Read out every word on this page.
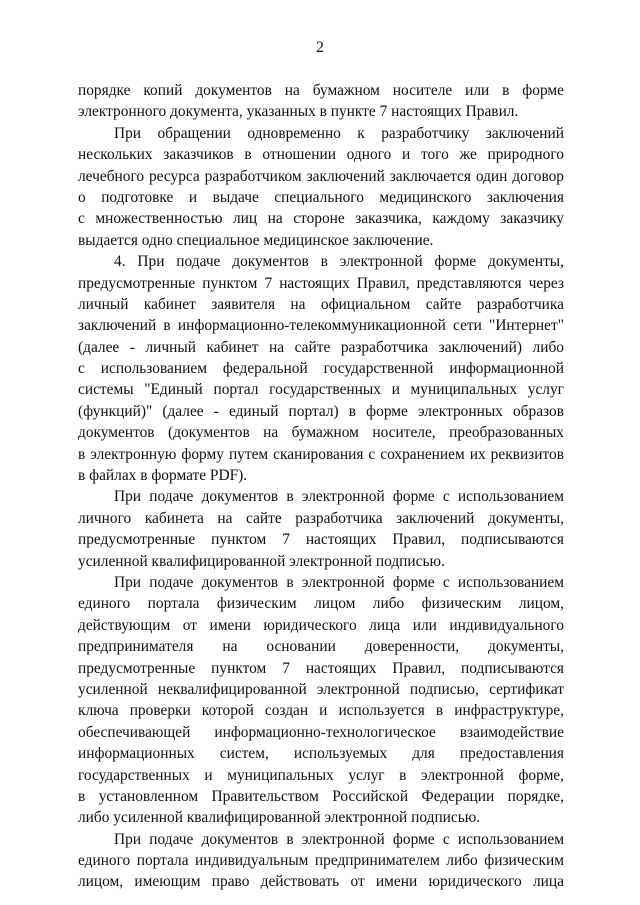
2
порядке копий документов на бумажном носителе или в форме
электронного документа, указанных в пункте 7 настоящих Правил.
При обращении одновременно к разработчику заключений
нескольких заказчиков в отношении одного и того же природного
лечебного ресурса разработчиком заключений заключается один договор
о подготовке и выдаче специального медицинского заключения
с множественностью лиц на стороне заказчика, каждому заказчику
выдается одно специальное медицинское заключение.
4. При подаче документов в электронной форме документы,
предусмотренные пунктом 7 настоящих Правил, представляются через
личный кабинет заявителя на официальном сайте разработчика
заключений в информационно-телекоммуникационной сети "Интернет"
(далее - личный кабинет на сайте разработчика заключений) либо
с использованием федеральной государственной информационной
системы "Единый портал государственных и муниципальных услуг
(функций)" (далее - единый портал) в форме электронных образов
документов (документов на бумажном носителе, преобразованных
в электронную форму путем сканирования с сохранением их реквизитов
в файлах в формате PDF).
При подаче документов в электронной форме с использованием
личного кабинета на сайте разработчика заключений документы,
предусмотренные пунктом 7 настоящих Правил, подписываются
усиленной квалифицированной электронной подписью.
При подаче документов в электронной форме с использованием
единого портала физическим лицом либо физическим лицом,
действующим от имени юридического лица или индивидуального
предпринимателя на основании доверенности, документы,
предусмотренные пунктом 7 настоящих Правил, подписываются
усиленной неквалифицированной электронной подписью, сертификат
ключа проверки которой создан и используется в инфраструктуре,
обеспечивающей информационно-технологическое взаимодействие
информационных систем, используемых для предоставления
государственных и муниципальных услуг в электронной форме,
в установленном Правительством Российской Федерации порядке,
либо усиленной квалифицированной электронной подписью.
При подаче документов в электронной форме с использованием
единого портала индивидуальным предпринимателем либо физическим
лицом, имеющим право действовать от имени юридического лица
